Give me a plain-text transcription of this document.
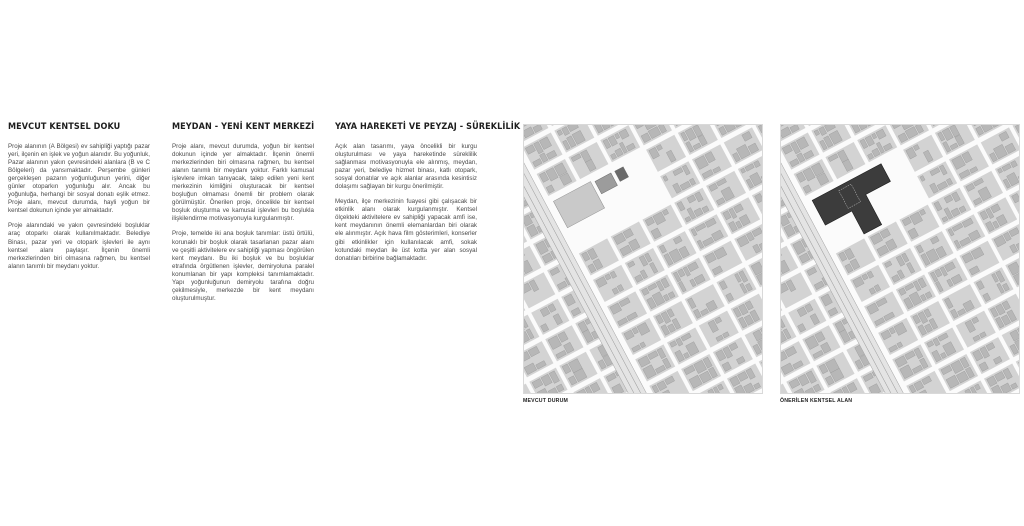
MEVCUT KENTSEL DOKU

Proje alanının (A Bölgesi) ev sahipliği yaptığı pazar yeri, ilçenin en işlek ve yoğun alanıdır. Bu yoğunluk, Pazar alanının yakın çevresindeki alanlara (B ve C Bölgeleri) da yansımaktadır. Perşembe günleri gerçekleşen pazarın yoğunluğunun yerini, diğer günler otoparkın yoğunluğu alır. Ancak bu yoğunluğa, herhangi bir sosyal donatı eşlik etmez. Proje alanı, mevcut durumda, hayli yoğun bir kentsel dokunun içinde yer almaktadır.

Proje alanındaki ve yakın çevresindeki boşluklar araç otoparkı olarak kullanılmaktadır. Belediye Binası, pazar yeri ve otopark işlevleri ile aynı kentsel alanı paylaşır. İlçenin önemli merkezlerinden biri olmasına rağmen, bu kentsel alanın tanımlı bir meydanı yoktur.

MEYDAN - YENİ KENT MERKEZİ

Proje alanı, mevcut durumda, yoğun bir kentsel dokunun içinde yer almaktadır. İlçenin önemli merkezlerinden biri olmasına rağmen, bu kentsel alanın tanımlı bir meydanı yoktur. Farklı kamusal işlevlere imkan tanıyacak, talep edilen yeni kent merkezinin kimliğini oluşturacak bir kentsel boşluğun olmaması önemli bir problem olarak görülmüştür. Önerilen proje, öncelikle bir kentsel boşluk oluşturma ve kamusal işlevleri bu boşlukla ilişkilendirme motivasyonuyla kurgulanmıştır.

Proje, temelde iki ana boşluk tanımlar: üstü örtülü, korunaklı bir boşluk olarak tasarlanan pazar alanı ve çeşitli aktivitelere ev sahipliği yapması öngörülen kent meydanı. Bu iki boşluk ve bu boşluklar etrafında örgütlenen işlevler, demiryoluna paralel konumlanan bir yapı kompleksi tanımlamaktadır. Yapı yoğunluğunun demiryolu tarafına doğru çekilmesiyle, merkezde bir kent meydanı oluşturulmuştur.

YAYA HAREKETİ VE PEYZAJ - SÜREKLİLİK

Açık alan tasarımı, yaya öncelikli bir kurgu oluşturulması ve yaya hareketinde süreklilik sağlanması motivasyonuyla ele alınmış, meydan, pazar yeri, belediye hizmet binası, katlı otopark, sosyal donatılar ve açık alanlar arasında kesintisiz dolaşımı sağlayan bir kurgu önerilmiştir.

Meydan, ilçe merkezinin fuayesi gibi çalışacak bir etkinlik alanı olarak kurgulanmıştır. Kentsel ölçekteki aktivitelere ev sahipliği yapacak amfi ise, kent meydanının önemli elemanlardan biri olarak ele alınmıştır. Açık hava film gösterimleri, konserler gibi etkinlikler için kullanılacak amfi, sokak kotundaki meydan ile üst kotta yer alan sosyal donatıları birbirine bağlamaktadır.

MEVCUT DURUM	ÖNERİLEN KENTSEL ALAN
